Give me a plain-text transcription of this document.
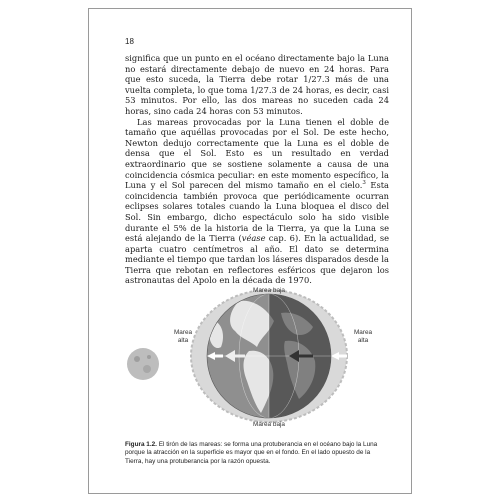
18

significa que un punto en el océano directamente bajo la Luna no estará directamente debajo de nuevo en 24 horas. Para que esto suceda, la Tierra debe rotar 1/27.3 más de una vuelta completa, lo que toma 1/27.3 de 24 horas, es decir, casi 53 minutos. Por ello, las dos mareas no suceden cada 24 horas, sino cada 24 horas con 53 minutos.

Las mareas provocadas por la Luna tienen el doble de tamaño que aquéllas provocadas por el Sol. De este hecho, Newton dedujo correctamente que la Luna es el doble de densa que el Sol. Esto es un resultado en verdad extraordinario que se sostiene solamente a causa de una coincidencia cósmica peculiar: en este momento específico, la Luna y el Sol parecen del mismo tamaño en el cielo.$^3$ Esta coincidencia también provoca que periódicamente ocurran eclipses solares totales cuando la Luna bloquea el disco del Sol. Sin embargo, dicho espectáculo solo ha sido visible durante el 5% de la historia de la Tierra, ya que la Luna se está alejando de la Tierra (véase cap. 6). En la actualidad, se aparta cuatro centímetros al año. El dato se determina mediante el tiempo que tardan los láseres disparados desde la Tierra que rebotan en reflectores esféricos que dejaron los astronautas del Apolo en la década de 1970.

Marea baja
Marea baja
Marea
alta
Marea
alta
Figura 1.2. El tirón de las mareas: se forma una protuberancia en el océano bajo la Luna porque la atracción en la superficie es mayor que en el fondo. En el lado opuesto de la Tierra, hay una protuberancia por la razón opuesta.
